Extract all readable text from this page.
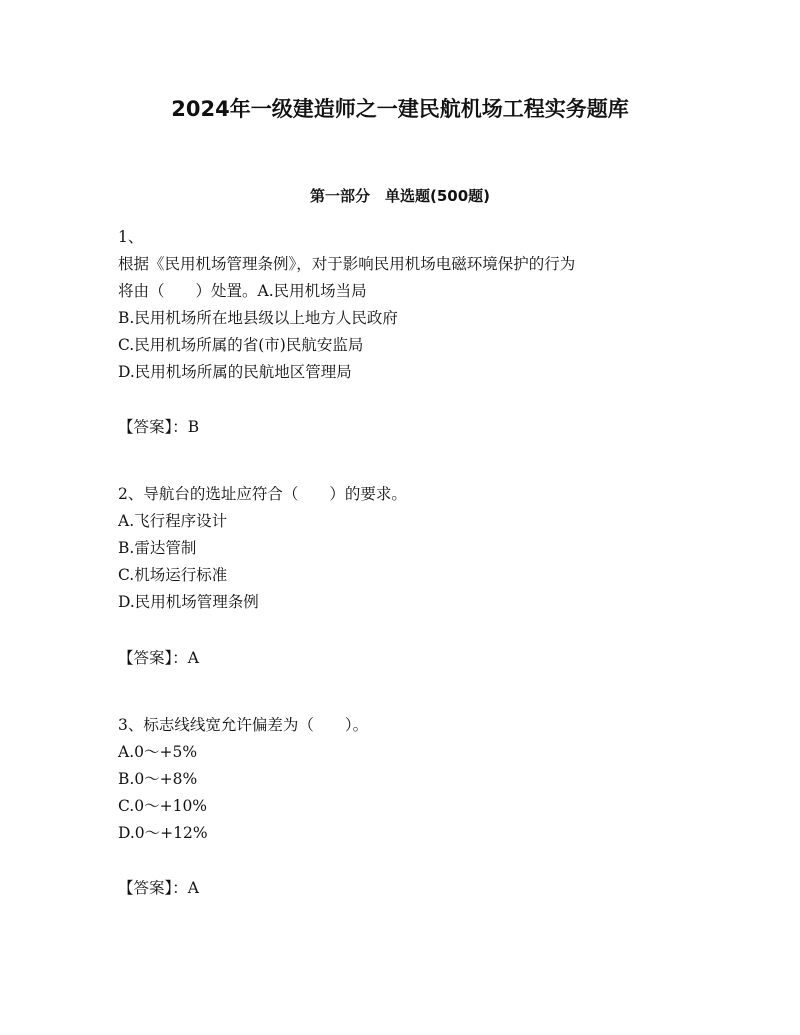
2024年一级建造师之一建民航机场工程实务题库
第一部分　单选题(500题)
1、
根据《民用机场管理条例》，对于影响民用机场电磁环境保护的行为
将由（　　）处置。A.民用机场当局
B.民用机场所在地县级以上地方人民政府
C.民用机场所属的省(市)民航安监局
D.民用机场所属的民航地区管理局
【答案】：B
2、导航台的选址应符合（　　）的要求。
A.飞行程序设计
B.雷达管制
C.机场运行标准
D.民用机场管理条例
【答案】：A
3、标志线线宽允许偏差为（　　）。
A.0～+5%
B.0～+8%
C.0～+10%
D.0～+12%
【答案】：A
